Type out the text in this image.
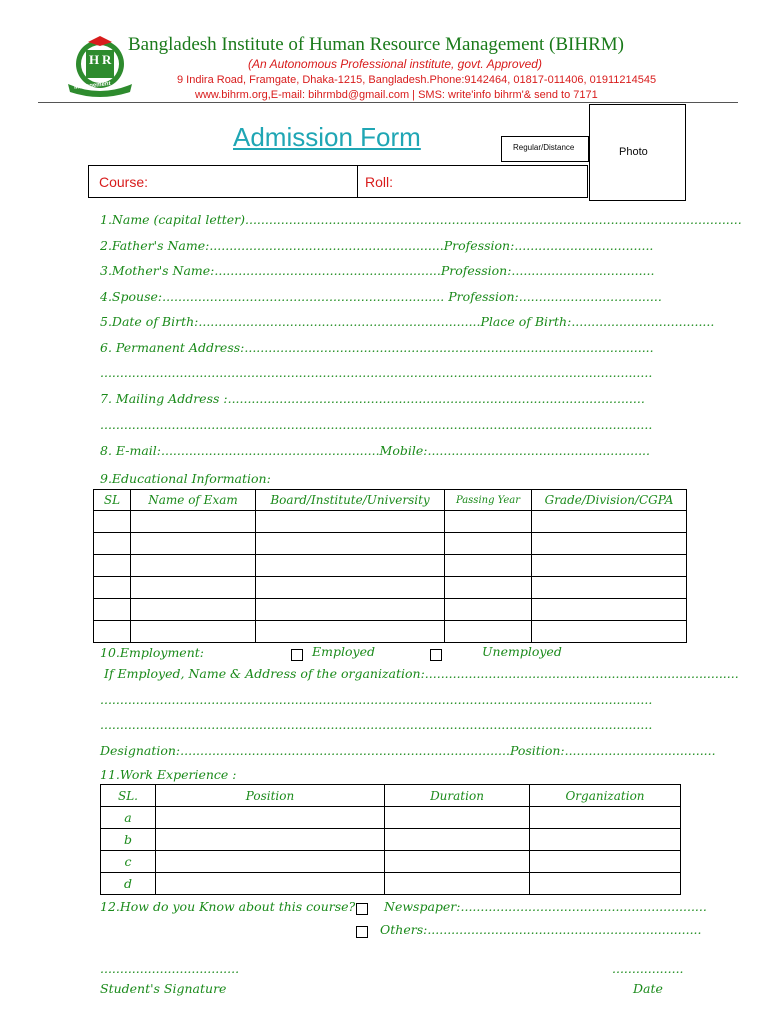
H R
Management
Bangladesh Institute of Human Resource Management (BIHRM)
(An Autonomous Professional institute, govt. Approved)
9 Indira Road, Framgate, Dhaka-1215, Bangladesh.Phone:9142464, 01817-011406, 01911214545
www.bihrm.org,E-mail: bihrmbd@gmail.com | SMS: write'info bihrm'& send to 7171
Admission Form	Regular/Distance	Photo
Course:	Roll:
1.Name (capital letter).............................................................................................................................
2.Father's Name:...........................................................Profession:...................................
3.Mother's Name:.........................................................Profession:....................................
4.Spouse:....................................................................... Profession:....................................
5.Date of Birth:.......................................................................Place of Birth:....................................
6. Permanent Address:.......................................................................................................
...........................................................................................................................................
7. Mailing Address :.........................................................................................................
...........................................................................................................................................
8. E-mail:.......................................................Mobile:........................................................
9.Educational Information:
SL	Name of Exam	Board/Institute/University	Passing Year	Grade/Division/CGPA

10.Employment:	Employed	Unemployed
If Employed, Name & Address of the organization:...............................................................................
...........................................................................................................................................
...........................................................................................................................................
Designation:...................................................................................Position:......................................
11.Work Experience :
SL.	Position	Duration	Organization
a			
b			
c			
d			
12.How do you Know about this course? Newspaper:..............................................................
Others:.....................................................................
...................................
Student's Signature
..................
Date
